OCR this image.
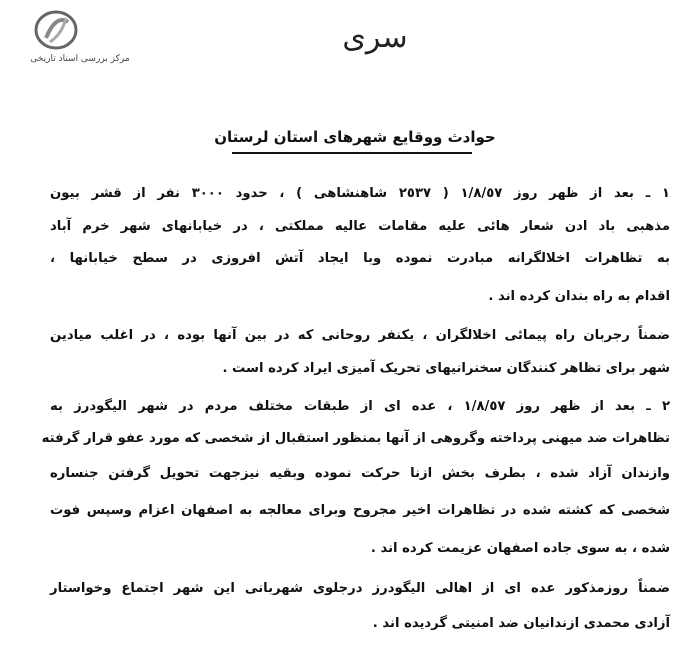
مرکز بررسی اسناد تاریخی
سری
حوادث ووقایع شهرهای استان لرستان
١ ـ بعد از ظهر روز ١/٨/٥٧ ( ٢٥٣٧ شاهنشاهی ) ، حدود ٣٠٠٠ نفر از قشر بیون
مذهبی باد ادن شعار هائی علیه مقامات عالیه مملکتی ، در خیابانهای شهر خرم آباد
به تظاهرات اخلالگرانه مبادرت نموده وبا ایجاد آتش افروزی در سطح خیابانها ،
اقدام به راه بندان کرده اند .
ضمناً رجربان راه پیمائی اخلالگران ، یکنفر روحانی که در بین آنها بوده ، در اغلب میادین
شهر برای تظاهر کنندگان سخنرانیهای تحریک آمیزی ایراد کرده است .
٢ ـ بعد از ظهر روز ١/٨/٥٧ ، عده ای از طبقات مختلف مردم در شهر الیگودرز به
تظاهرات ضد میهنی پرداخته وگروهی از آنها بمنظور استقبال از شخصی که مورد عفو قرار گرفته
وازندان آزاد شده ، بطرف بخش ازنا حرکت نموده وبقیه نیزجهت تحویل گرفتن جنساره
شخصی که کشته شده در تظاهرات اخیر مجروح وبرای معالجه به اصفهان اعزام وسپس فوت
شده ، به سوی جاده اصفهان عزیمت کرده اند .
ضمناً روزمذکور عده ای از اهالی الیگودرز درجلوی شهربانی این شهر اجتماع وخواستار
آزادی محمدی ازندانیان ضد امنیتی گردیده اند .
